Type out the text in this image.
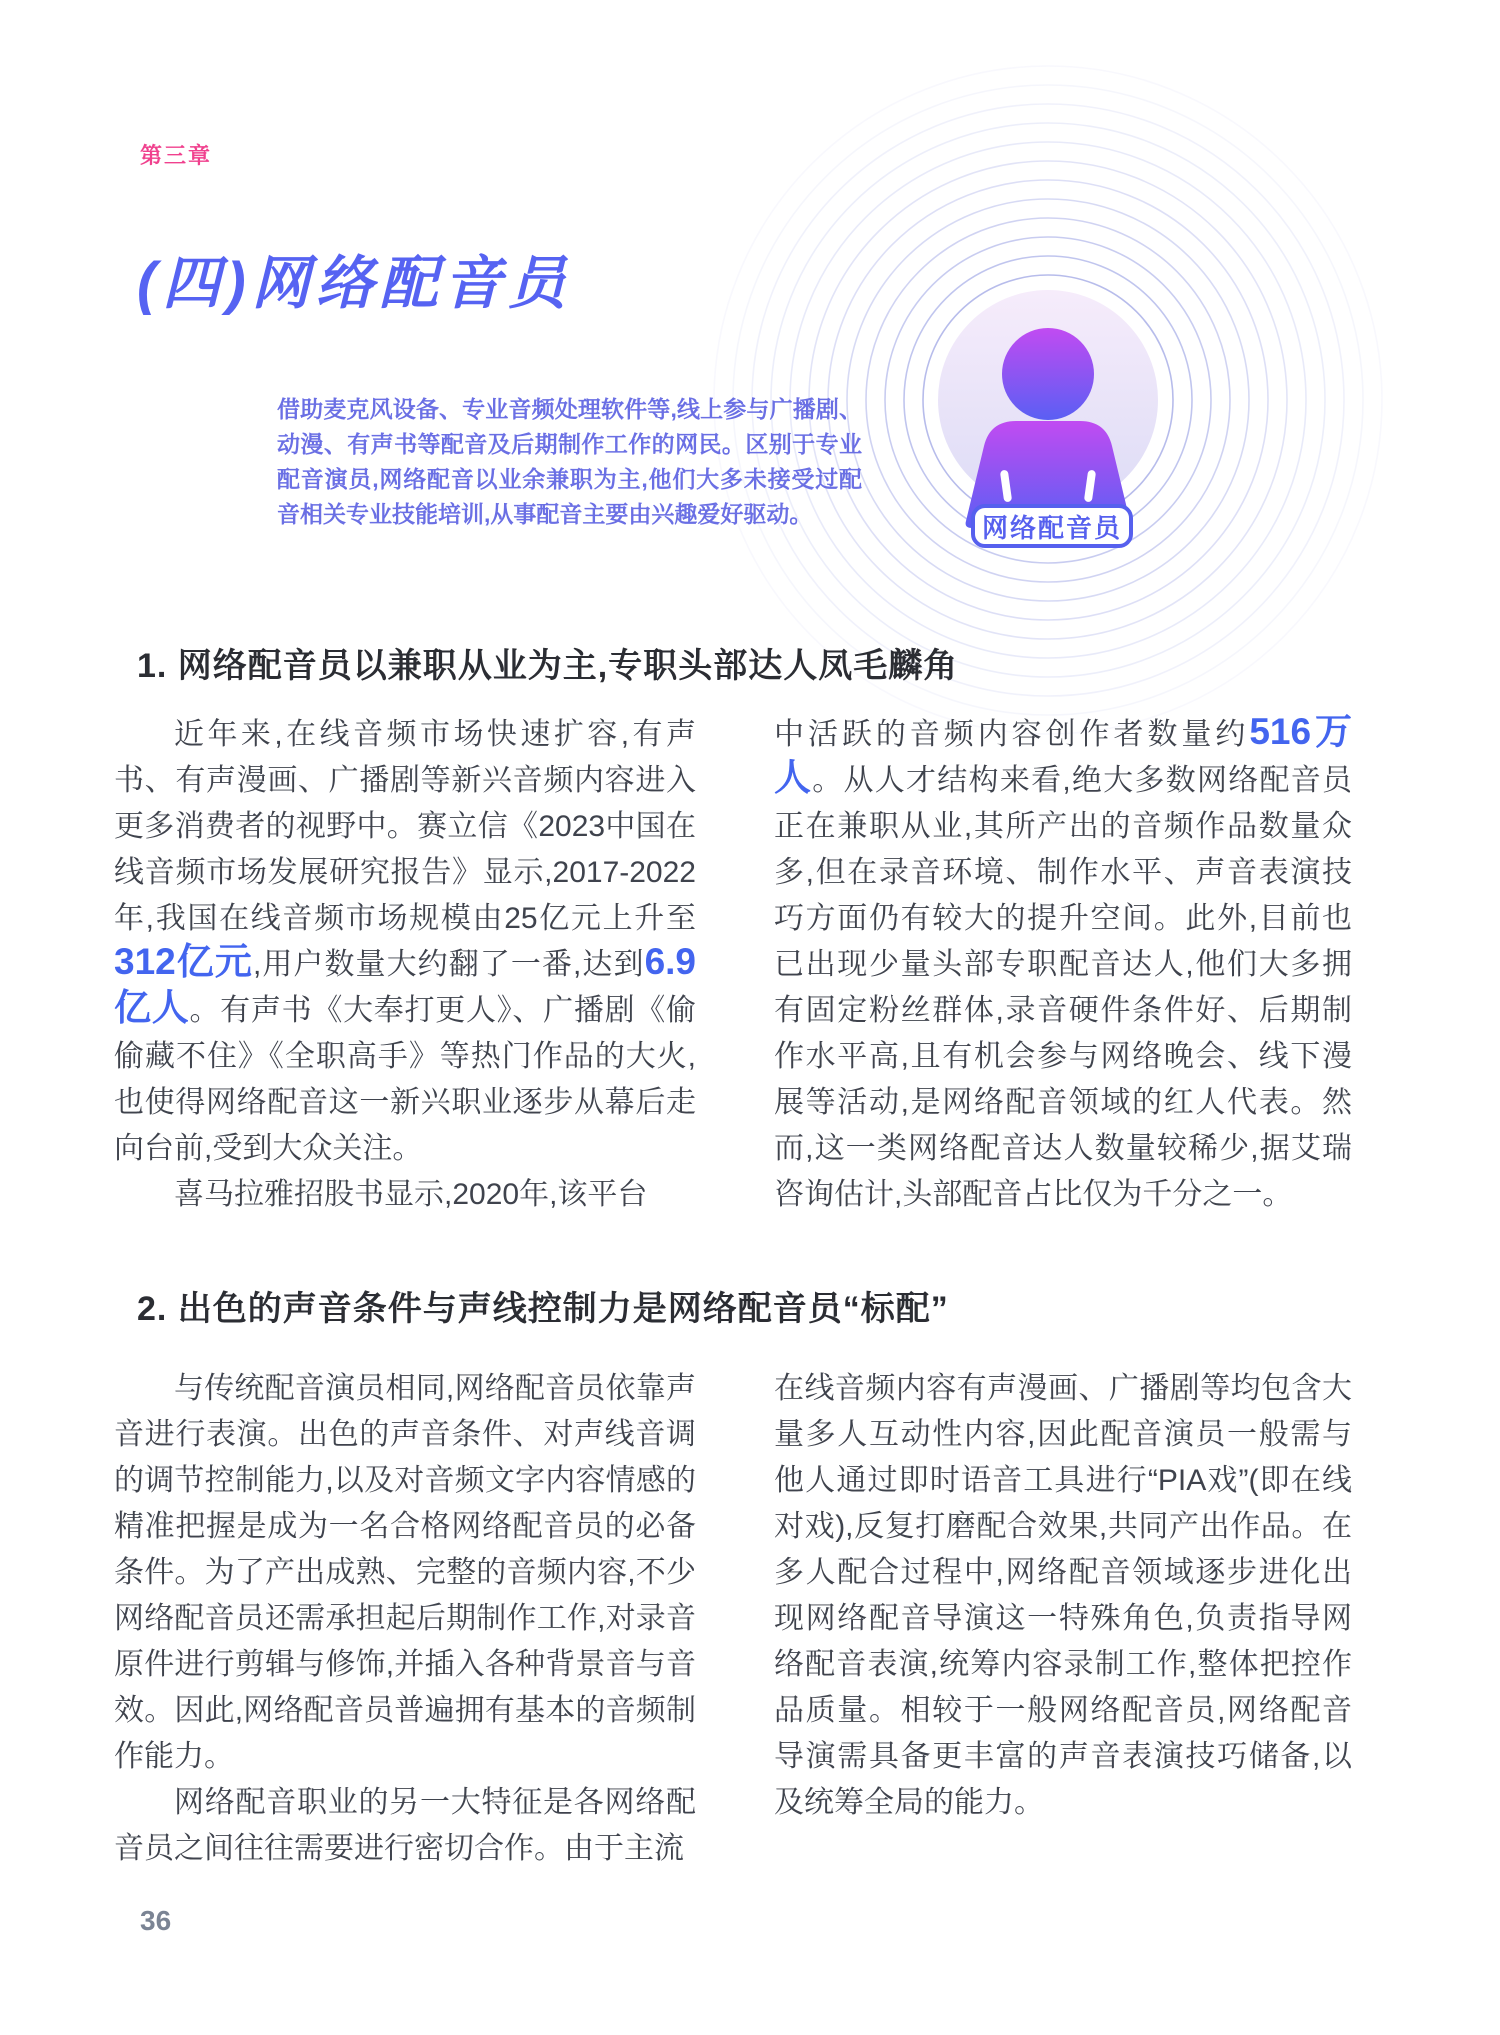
第三章
(四)网络配音员
借助麦克风设备、专业音频处理软件等,线上参与广播剧、动漫、有声书等配音及后期制作工作的网民。区别于专业配音演员,网络配音以业余兼职为主,他们大多未接受过配音相关专业技能培训,从事配音主要由兴趣爱好驱动。	网络配音员
1. 网络配音员以兼职从业为主,专职头部达人凤毛麟角

近年来,在线音频市场快速扩容,有声书、有声漫画、广播剧等新兴音频内容进入更多消费者的视野中。赛立信《2023中国在线音频市场发展研究报告》显示,2017-2022年,我国在线音频市场规模由25亿元上升至312亿元,用户数量大约翻了一番,达到6.9亿人。有声书《大奉打更人》、广播剧《偷偷藏不住》《全职高手》等热门作品的大火,也使得网络配音这一新兴职业逐步从幕后走向台前,受到大众关注。

喜马拉雅招股书显示,2020年,该平台

中活跃的音频内容创作者数量约516万人。从人才结构来看,绝大多数网络配音员正在兼职从业,其所产出的音频作品数量众多,但在录音环境、制作水平、声音表演技巧方面仍有较大的提升空间。此外,目前也已出现少量头部专职配音达人,他们大多拥有固定粉丝群体,录音硬件条件好、后期制作水平高,且有机会参与网络晚会、线下漫展等活动,是网络配音领域的红人代表。然而,这一类网络配音达人数量较稀少,据艾瑞咨询估计,头部配音占比仅为千分之一。

2. 出色的声音条件与声线控制力是网络配音员“标配”

与传统配音演员相同,网络配音员依靠声音进行表演。出色的声音条件、对声线音调的调节控制能力,以及对音频文字内容情感的精准把握是成为一名合格网络配音员的必备条件。为了产出成熟、完整的音频内容,不少网络配音员还需承担起后期制作工作,对录音原件进行剪辑与修饰,并插入各种背景音与音效。因此,网络配音员普遍拥有基本的音频制作能力。

网络配音职业的另一大特征是各网络配音员之间往往需要进行密切合作。由于主流

在线音频内容有声漫画、广播剧等均包含大量多人互动性内容,因此配音演员一般需与他人通过即时语音工具进行“PIA戏”(即在线对戏),反复打磨配合效果,共同产出作品。在多人配合过程中,网络配音领域逐步进化出现网络配音导演这一特殊角色,负责指导网络配音表演,统筹内容录制工作,整体把控作品质量。相较于一般网络配音员,网络配音导演需具备更丰富的声音表演技巧储备,以及统筹全局的能力。

36
